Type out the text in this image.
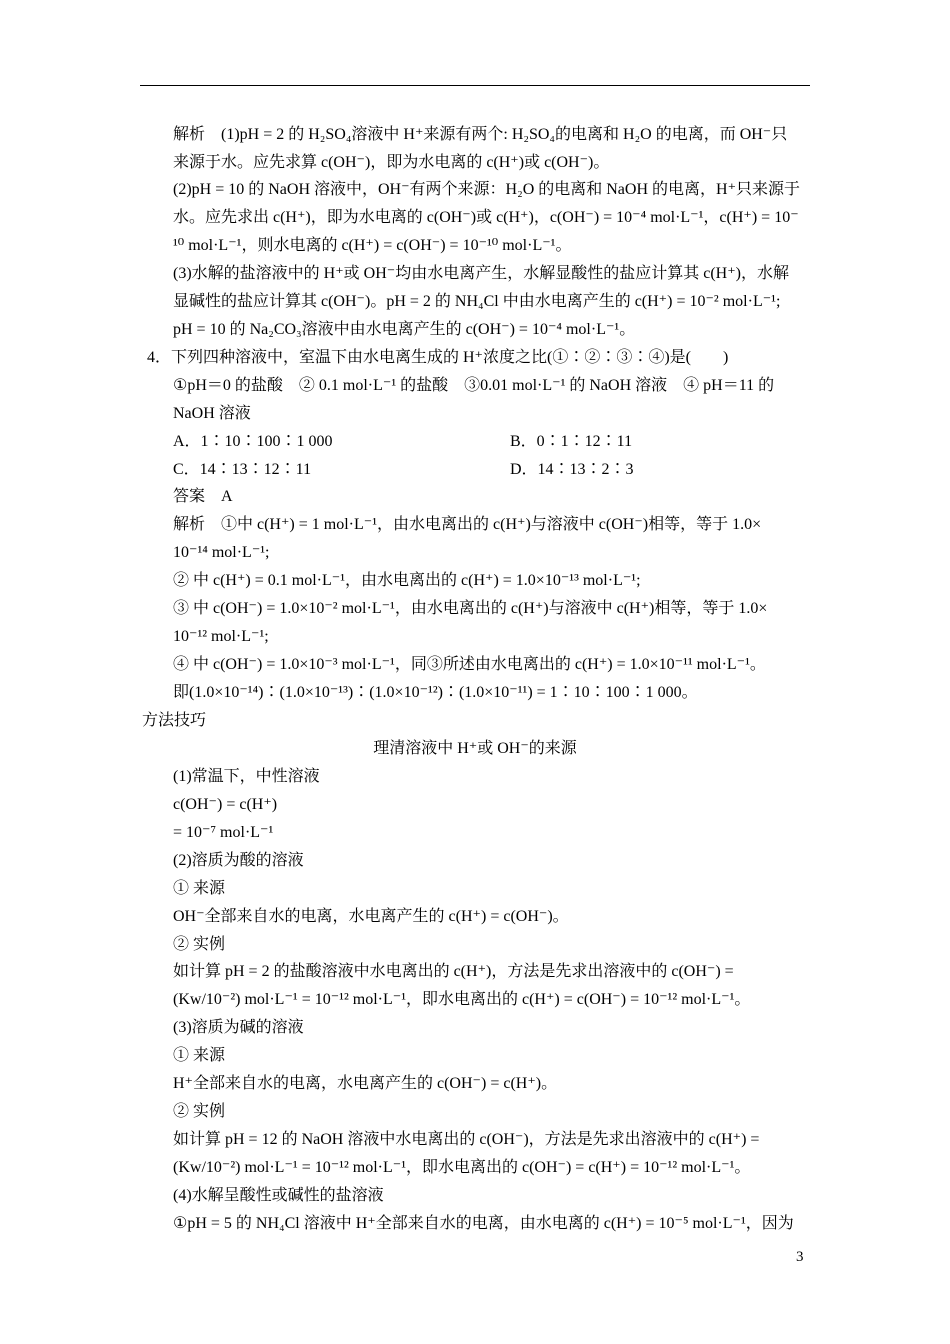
解析　(1)pH = 2 的 H₂SO₄溶液中 H⁺来源有两个: H₂SO₄的电离和 H₂O 的电离，而 OH⁻只
来源于水。应先求算 c(OH⁻)，即为水电离的 c(H⁺)或 c(OH⁻)。
(2)pH = 10 的 NaOH 溶液中，OH⁻有两个来源：H₂O 的电离和 NaOH 的电离，H⁺只来源于
水。应先求出 c(H⁺)，即为水电离的 c(OH⁻)或 c(H⁺)，c(OH⁻) = 10⁻⁴ mol·L⁻¹，c(H⁺) = 10⁻
¹⁰ mol·L⁻¹，则水电离的 c(H⁺) = c(OH⁻) = 10⁻¹⁰ mol·L⁻¹。
(3)水解的盐溶液中的 H⁺或 OH⁻均由水电离产生，水解显酸性的盐应计算其 c(H⁺)，水解
显碱性的盐应计算其 c(OH⁻)。pH = 2 的 NH₄Cl 中由水电离产生的 c(H⁺) = 10⁻² mol·L⁻¹;
pH = 10 的 Na₂CO₃溶液中由水电离产生的 c(OH⁻) = 10⁻⁴ mol·L⁻¹。
4．下列四种溶液中，室温下由水电离生成的 H⁺浓度之比(①∶②∶③∶④)是(　　)
①pH＝0 的盐酸　② 0.1 mol·L⁻¹ 的盐酸　③0.01 mol·L⁻¹ 的 NaOH 溶液　④ pH＝11 的
NaOH 溶液
A．1∶10∶100∶1 000	B．0∶1∶12∶11
C．14∶13∶12∶11	D．14∶13∶2∶3
答案　A
解析　①中 c(H⁺) = 1 mol·L⁻¹，由水电离出的 c(H⁺)与溶液中 c(OH⁻)相等，等于 1.0×
10⁻¹⁴ mol·L⁻¹;
② 中 c(H⁺) = 0.1 mol·L⁻¹，由水电离出的 c(H⁺) = 1.0×10⁻¹³ mol·L⁻¹;
③ 中 c(OH⁻) = 1.0×10⁻² mol·L⁻¹，由水电离出的 c(H⁺)与溶液中 c(H⁺)相等，等于 1.0×
10⁻¹² mol·L⁻¹;
④ 中 c(OH⁻) = 1.0×10⁻³ mol·L⁻¹，同③所述由水电离出的 c(H⁺) = 1.0×10⁻¹¹ mol·L⁻¹。
即(1.0×10⁻¹⁴)∶(1.0×10⁻¹³)∶(1.0×10⁻¹²)∶(1.0×10⁻¹¹) = 1∶10∶100∶1 000。
方法技巧
理清溶液中 H⁺或 OH⁻的来源
(1)常温下，中性溶液
c(OH⁻) = c(H⁺)
= 10⁻⁷ mol·L⁻¹
(2)溶质为酸的溶液
① 来源
OH⁻全部来自水的电离，水电离产生的 c(H⁺) = c(OH⁻)。
② 实例
如计算 pH = 2 的盐酸溶液中水电离出的 c(H⁺)，方法是先求出溶液中的 c(OH⁻) =
(Kw/10⁻²) mol·L⁻¹ = 10⁻¹² mol·L⁻¹，即水电离出的 c(H⁺) = c(OH⁻) = 10⁻¹² mol·L⁻¹。
(3)溶质为碱的溶液
① 来源
H⁺全部来自水的电离，水电离产生的 c(OH⁻) = c(H⁺)。
② 实例
如计算 pH = 12 的 NaOH 溶液中水电离出的 c(OH⁻)，方法是先求出溶液中的 c(H⁺) =
(Kw/10⁻²) mol·L⁻¹ = 10⁻¹² mol·L⁻¹，即水电离出的 c(OH⁻) = c(H⁺) = 10⁻¹² mol·L⁻¹。
(4)水解呈酸性或碱性的盐溶液
①pH = 5 的 NH₄Cl 溶液中 H⁺全部来自水的电离，由水电离的 c(H⁺) = 10⁻⁵ mol·L⁻¹，因为
3
